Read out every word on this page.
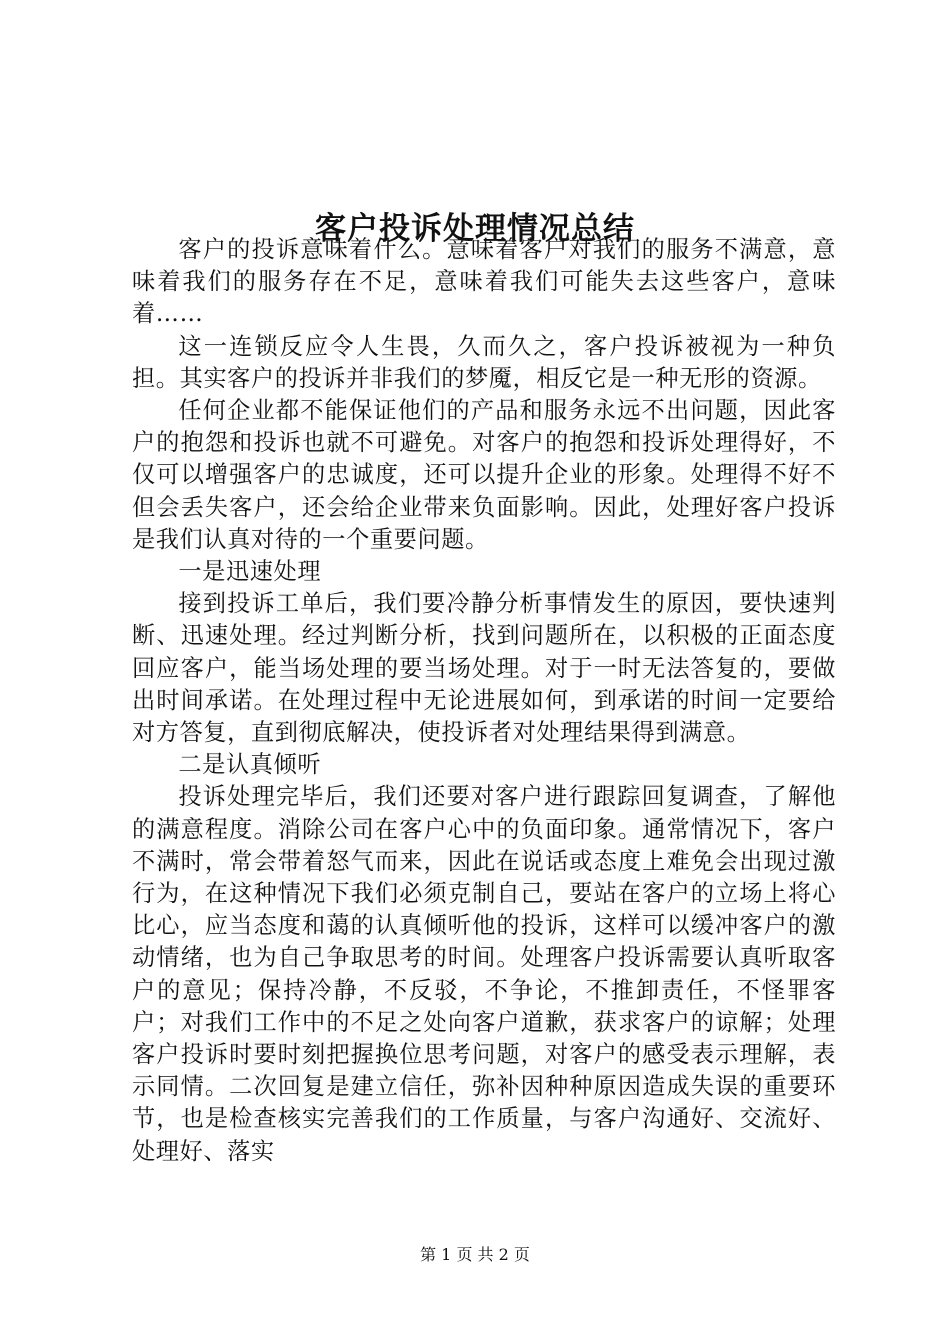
客户投诉处理情况总结

客户的投诉意味着什么。意味着客户对我们的服务不满意，意味着我们的服务存在不足，意味着我们可能失去这些客户，意味着……

这一连锁反应令人生畏，久而久之，客户投诉被视为一种负担。其实客户的投诉并非我们的梦魇，相反它是一种无形的资源。

任何企业都不能保证他们的产品和服务永远不出问题，因此客户的抱怨和投诉也就不可避免。对客户的抱怨和投诉处理得好，不仅可以增强客户的忠诚度，还可以提升企业的形象。处理得不好不但会丢失客户，还会给企业带来负面影响。因此，处理好客户投诉是我们认真对待的一个重要问题。

一是迅速处理

接到投诉工单后，我们要冷静分析事情发生的原因，要快速判断、迅速处理。经过判断分析，找到问题所在，以积极的正面态度回应客户，能当场处理的要当场处理。对于一时无法答复的，要做出时间承诺。在处理过程中无论进展如何，到承诺的时间一定要给对方答复，直到彻底解决，使投诉者对处理结果得到满意。

二是认真倾听

投诉处理完毕后，我们还要对客户进行跟踪回复调查，了解他的满意程度。消除公司在客户心中的负面印象。通常情况下，客户不满时，常会带着怒气而来，因此在说话或态度上难免会出现过激行为，在这种情况下我们必须克制自己，要站在客户的立场上将心比心，应当态度和蔼的认真倾听他的投诉，这样可以缓冲客户的激动情绪，也为自己争取思考的时间。处理客户投诉需要认真听取客户的意见；保持冷静，不反驳，不争论，不推卸责任，不怪罪客户；对我们工作中的不足之处向客户道歉，获求客户的谅解；处理客户投诉时要时刻把握换位思考问题，对客户的感受表示理解，表示同情。二次回复是建立信任，弥补因种种原因造成失误的重要环节，也是检查核实完善我们的工作质量，与客户沟通好、交流好、处理好、落实

第 1 页 共 2 页
